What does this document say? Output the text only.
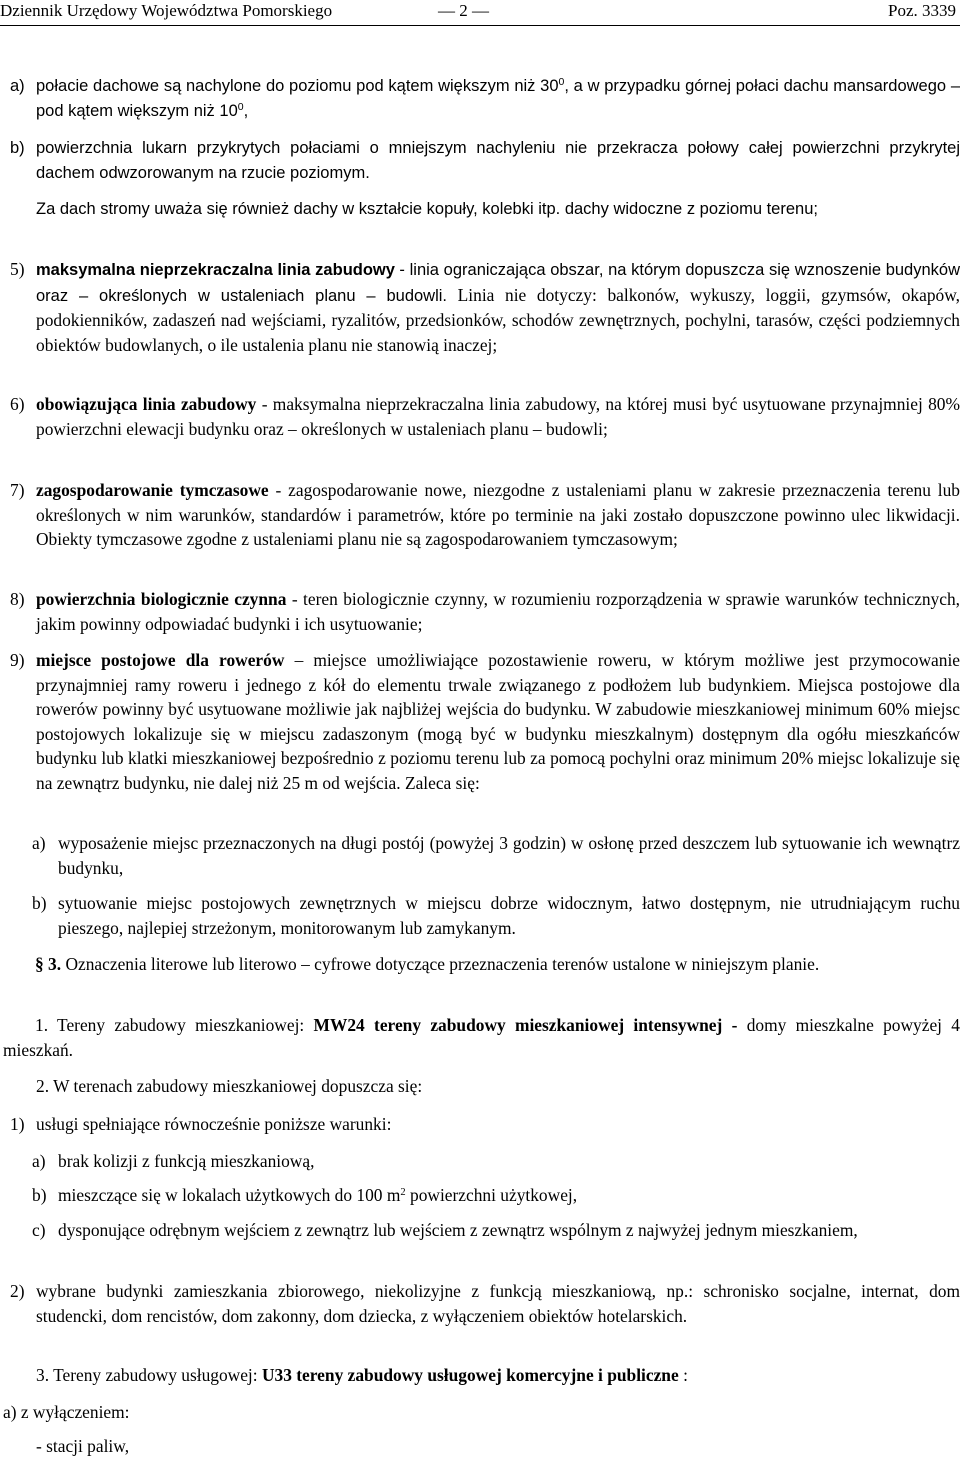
Dziennik Urzędowy Województwa Pomorskiego	— 2 —	Poz. 3339
a) połacie dachowe są nachylone do poziomu pod kątem większym niż $30^0$, a w przypadku górnej połaci dachu mansardowego – pod kątem większym niż $10^0$,
b) powierzchnia lukarn przykrytych połaciami o mniejszym nachyleniu nie przekracza połowy całej powierzchni przykrytej dachem odwzorowanym na rzucie poziomym.
Za dach stromy uważa się również dachy w kształcie kopuły, kolebki itp. dachy widoczne z poziomu terenu;
5) maksymalna nieprzekraczalna linia zabudowy - linia ograniczająca obszar, na którym dopuszcza się wznoszenie budynków oraz – określonych w ustaleniach planu – budowli. Linia nie dotyczy: balkonów, wykuszy, loggii, gzymsów, okapów, podokienników, zadaszeń nad wejściami, ryzalitów, przedsionków, schodów zewnętrznych, pochylni, tarasów, części podziemnych obiektów budowlanych, o ile ustalenia planu nie stanowią inaczej;
6) obowiązująca linia zabudowy - maksymalna nieprzekraczalna linia zabudowy, na której musi być usytuowane przynajmniej 80% powierzchni elewacji budynku oraz – określonych w ustaleniach planu – budowli;
7) zagospodarowanie tymczasowe - zagospodarowanie nowe, niezgodne z ustaleniami planu w zakresie przeznaczenia terenu lub określonych w nim warunków, standardów i parametrów, które po terminie na jaki zostało dopuszczone powinno ulec likwidacji. Obiekty tymczasowe zgodne z ustaleniami planu nie są zagospodarowaniem tymczasowym;
8) powierzchnia biologicznie czynna - teren biologicznie czynny, w rozumieniu rozporządzenia w sprawie warunków technicznych, jakim powinny odpowiadać budynki i ich usytuowanie;
9) miejsce postojowe dla rowerów – miejsce umożliwiające pozostawienie roweru, w którym możliwe jest przymocowanie przynajmniej ramy roweru i jednego z kół do elementu trwale związanego z podłożem lub budynkiem. Miejsca postojowe dla rowerów powinny być usytuowane możliwie jak najbliżej wejścia do budynku. W zabudowie mieszkaniowej minimum 60% miejsc postojowych lokalizuje się w miejscu zadaszonym (mogą być w budynku mieszkalnym) dostępnym dla ogółu mieszkańców budynku lub klatki mieszkaniowej bezpośrednio z poziomu terenu lub za pomocą pochylni oraz minimum 20% miejsc lokalizuje się na zewnątrz budynku, nie dalej niż 25 m od wejścia. Zaleca się:
a) wyposażenie miejsc przeznaczonych na długi postój (powyżej 3 godzin) w osłonę przed deszczem lub sytuowanie ich wewnątrz budynku,
b) sytuowanie miejsc postojowych zewnętrznych w miejscu dobrze widocznym, łatwo dostępnym, nie utrudniającym ruchu pieszego, najlepiej strzeżonym, monitorowanym lub zamykanym.
§ 3. Oznaczenia literowe lub literowo – cyfrowe dotyczące przeznaczenia terenów ustalone w niniejszym planie.
1. Tereny zabudowy mieszkaniowej: MW24 tereny zabudowy mieszkaniowej intensywnej - domy mieszkalne powyżej 4 mieszkań.
2. W terenach zabudowy mieszkaniowej dopuszcza się:
1) usługi spełniające równocześnie poniższe warunki:
a) brak kolizji z funkcją mieszkaniową,
b) mieszczące się w lokalach użytkowych do 100 $m^2$ powierzchni użytkowej,
c) dysponujące odrębnym wejściem z zewnątrz lub wejściem z zewnątrz wspólnym z najwyżej jednym mieszkaniem,
2) wybrane budynki zamieszkania zbiorowego, niekolizyjne z funkcją mieszkaniową, np.: schronisko socjalne, internat, dom studencki, dom rencistów, dom zakonny, dom dziecka, z wyłączeniem obiektów hotelarskich.
3. Tereny zabudowy usługowej: U33 tereny zabudowy usługowej komercyjne i publiczne :
a) z wyłączeniem:
- stacji paliw,
